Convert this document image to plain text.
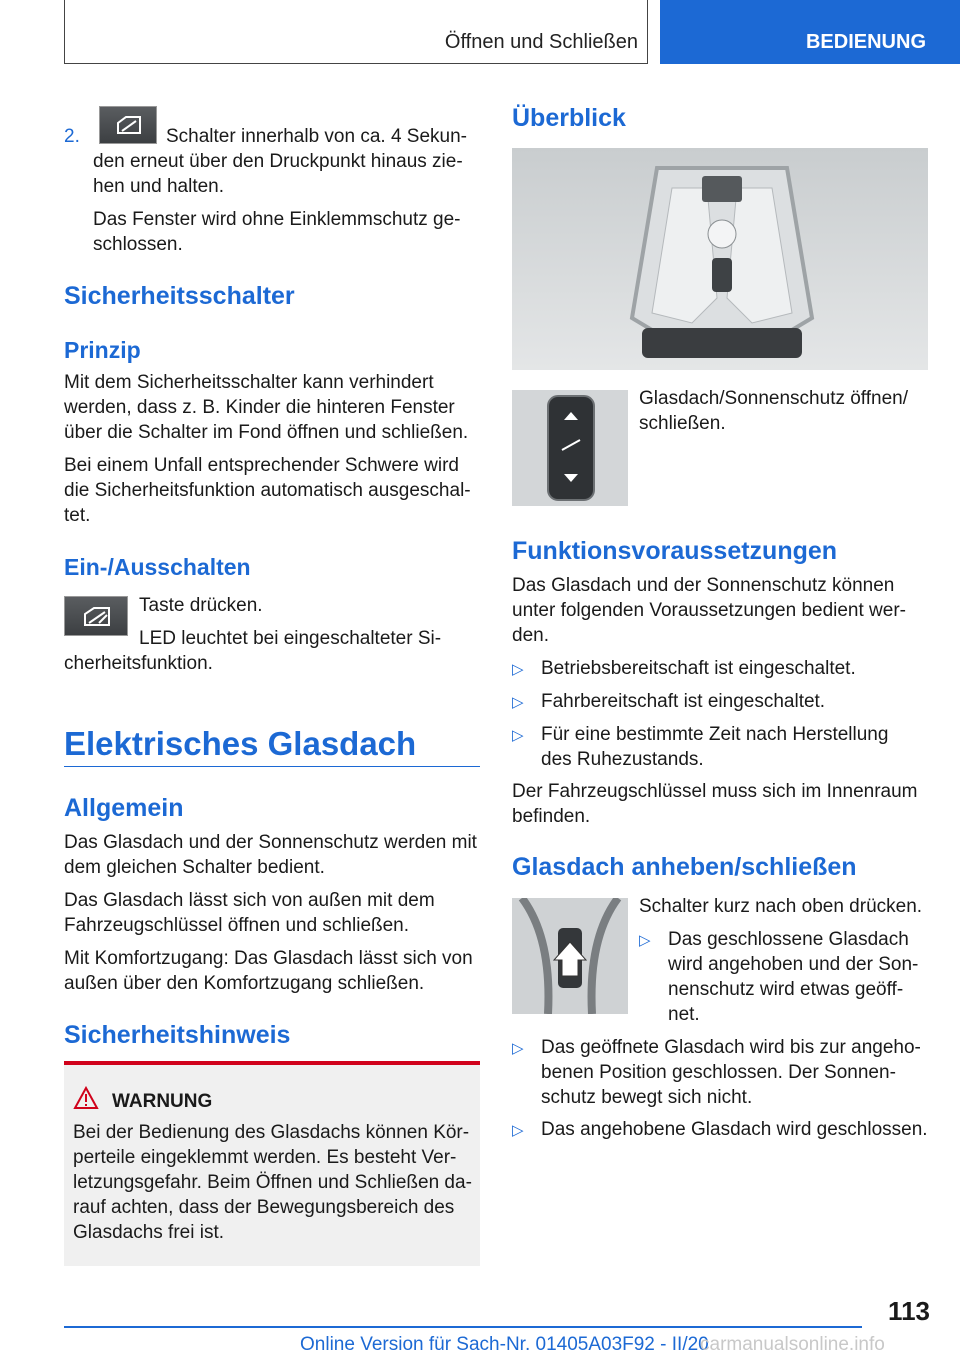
Öffnen und Schließen	BEDIENUNG
2.	Schalter innerhalb von ca. 4 Sekun-
den erneut über den Druckpunkt hinaus zie-
hen und halten.
Das Fenster wird ohne Einklemmschutz ge-
schlossen.
Sicherheitsschalter
Prinzip
Mit dem Sicherheitsschalter kann verhindert
werden, dass z. B. Kinder die hinteren Fenster
über die Schalter im Fond öffnen und schließen.
Bei einem Unfall entsprechender Schwere wird
die Sicherheitsfunktion automatisch ausgeschal-
tet.
Ein-/Ausschalten
Taste drücken.
LED leuchtet bei eingeschalteter Si-
cherheitsfunktion.
Elektrisches Glasdach
Allgemein
Das Glasdach und der Sonnenschutz werden mit
dem gleichen Schalter bedient.
Das Glasdach lässt sich von außen mit dem
Fahrzeugschlüssel öffnen und schließen.
Mit Komfortzugang: Das Glasdach lässt sich von
außen über den Komfortzugang schließen.
Sicherheitshinweis
WARNUNG
Bei der Bedienung des Glasdachs können Kör-
perteile eingeklemmt werden. Es besteht Ver-
letzungsgefahr. Beim Öffnen und Schließen da-
rauf achten, dass der Bewegungsbereich des
Glasdachs frei ist.
Überblick
Glasdach/Sonnenschutz öffnen/
schließen.
Funktionsvoraussetzungen
Das Glasdach und der Sonnenschutz können
unter folgenden Voraussetzungen bedient wer-
den.
▷ Betriebsbereitschaft ist eingeschaltet.
▷ Fahrbereitschaft ist eingeschaltet.
▷ Für eine bestimmte Zeit nach Herstellung
des Ruhezustands.
Der Fahrzeugschlüssel muss sich im Innenraum
befinden.
Glasdach anheben/schließen
Schalter kurz nach oben drücken.
▷ Das geschlossene Glasdach
wird angehoben und der Son-
nenschutz wird etwas geöff-
net.
▷ Das geöffnete Glasdach wird bis zur angeho-
benen Position geschlossen. Der Sonnen-
schutz bewegt sich nicht.
▷ Das angehobene Glasdach wird geschlossen.
113
Online Version für Sach-Nr. 01405A03F92 - II/20
carmanualsonline.info
